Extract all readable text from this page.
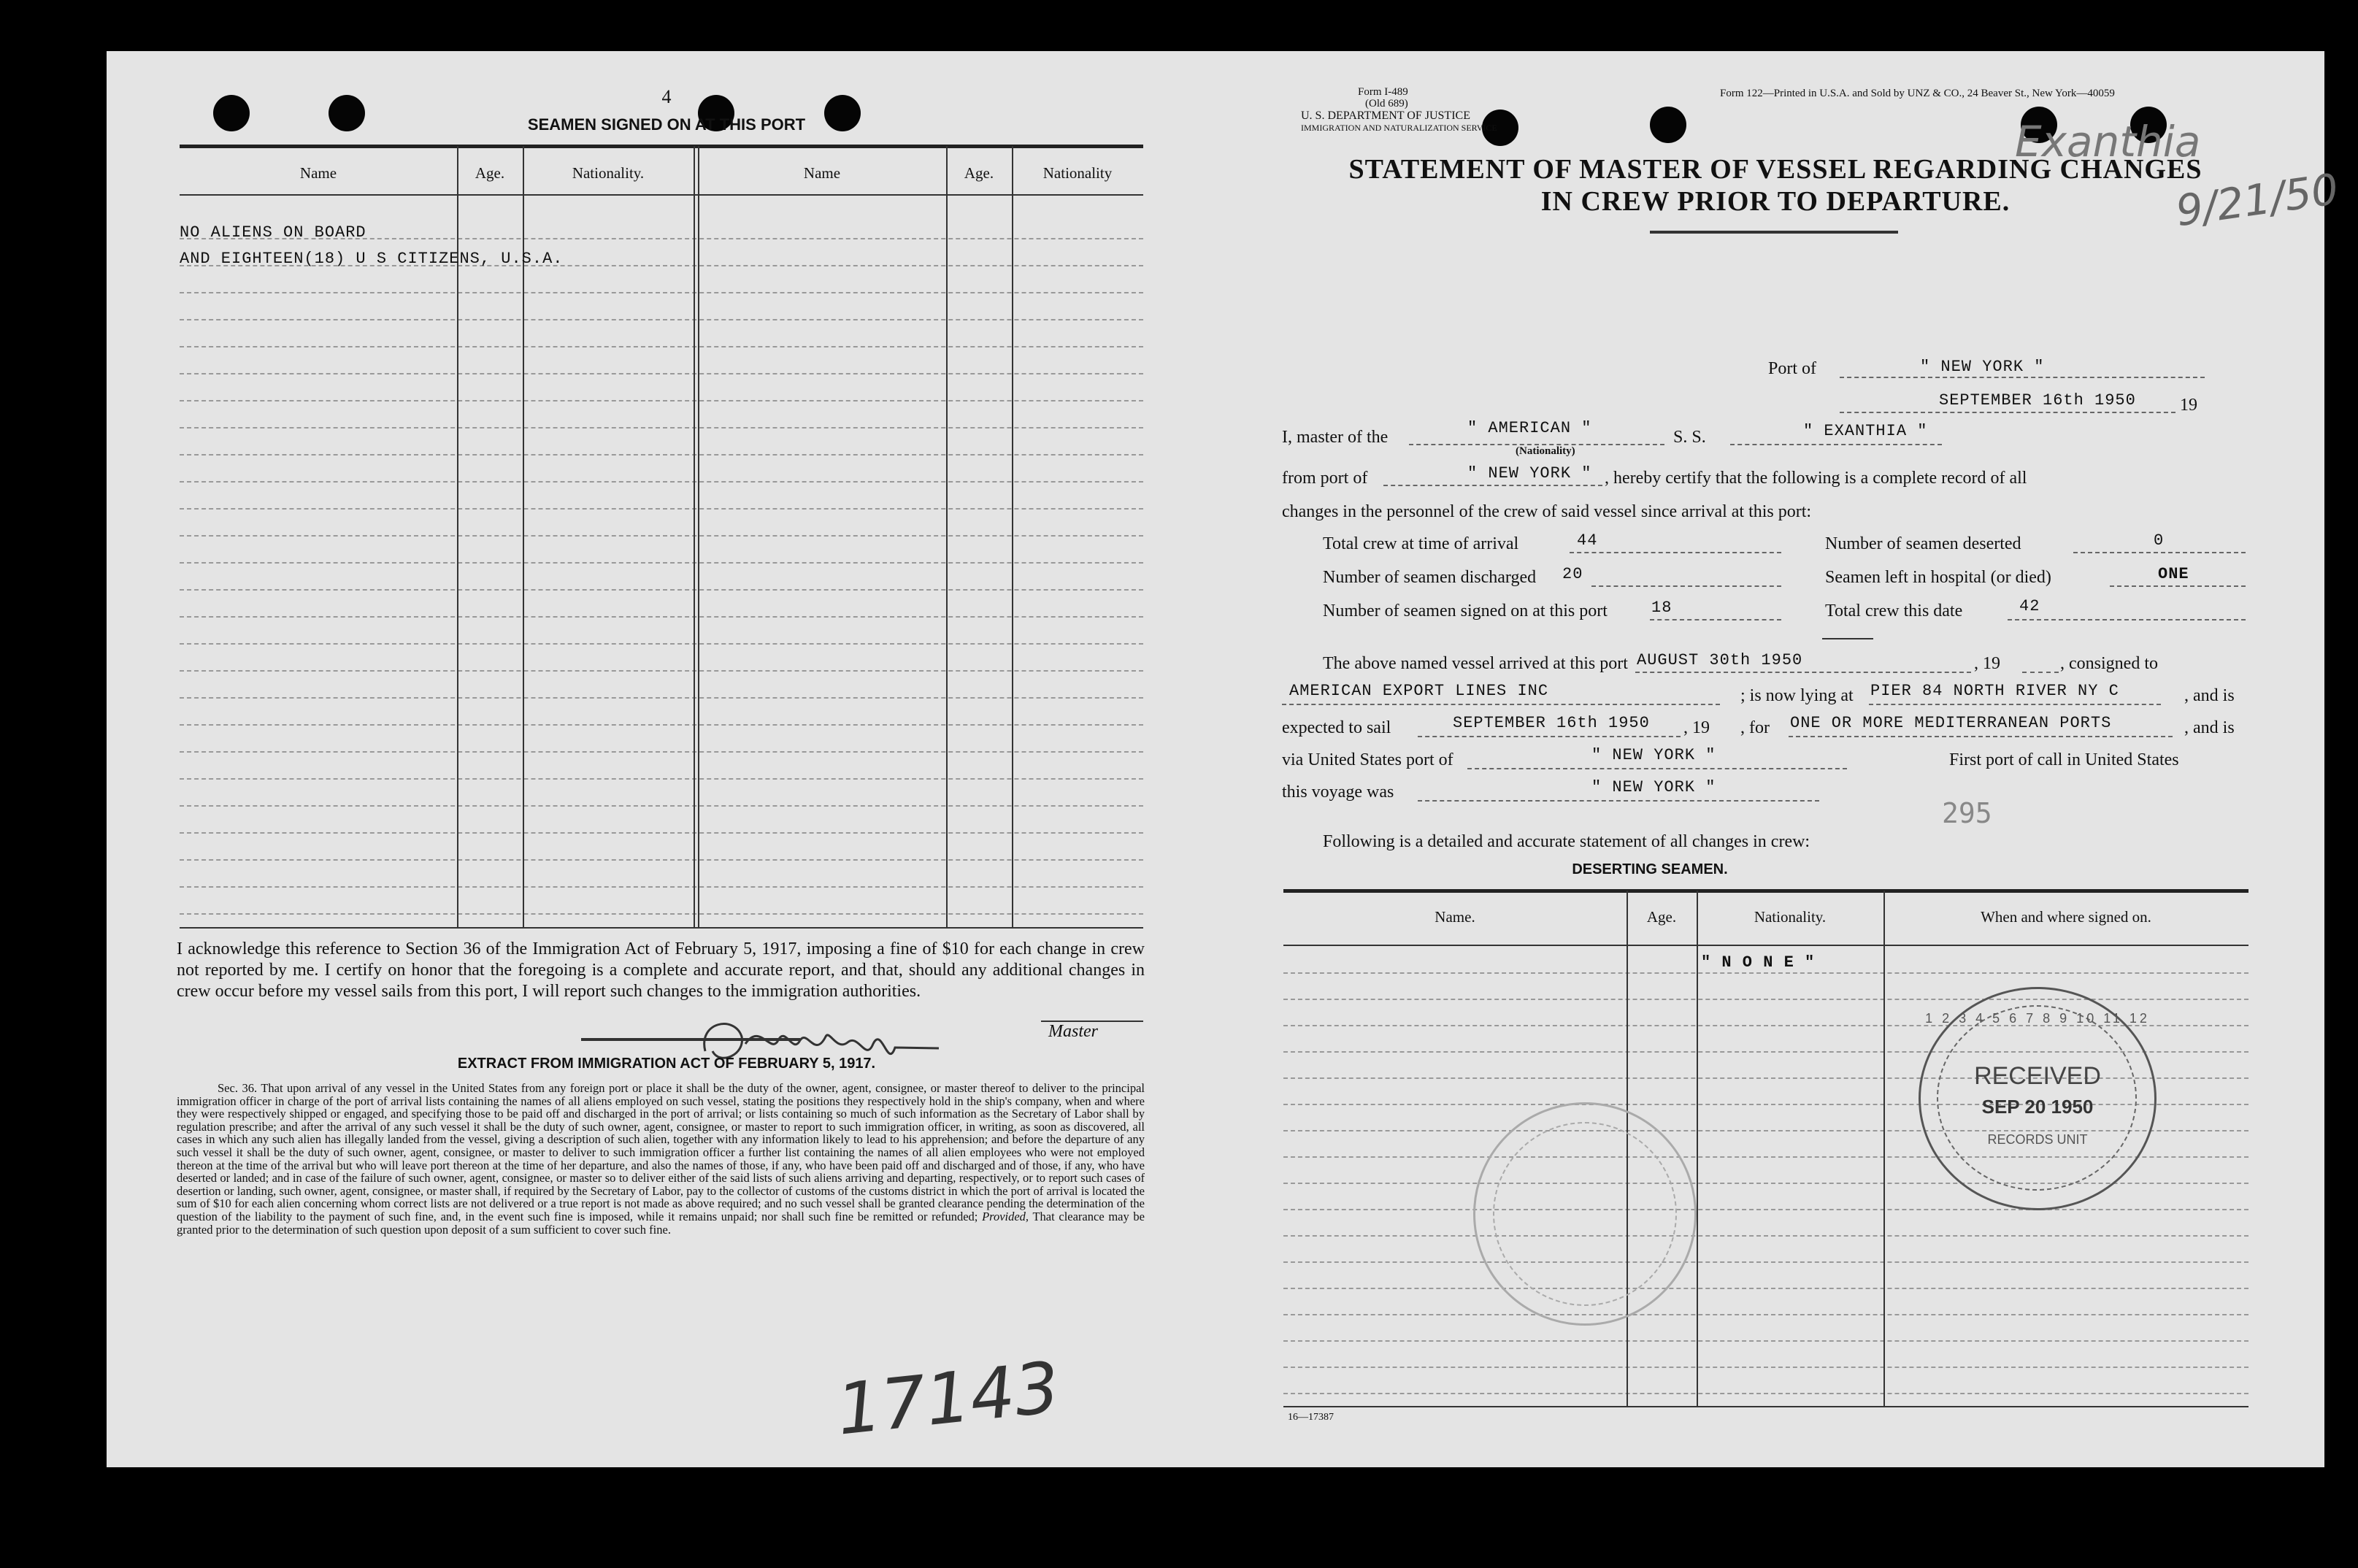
4
SEAMEN SIGNED ON AT THIS PORT
Name	Age.	Nationality.	Name	Age.	Nationality
NO ALIENS ON BOARD
AND EIGHTEEN(18) U S CITIZENS, U.S.A.
I acknowledge this reference to Section 36 of the Immigration Act of February 5, 1917, imposing a fine of $10 for each change in crew not reported by me. I certify on honor that the foregoing is a complete and accurate report, and that, should any additional changes in crew occur before my vessel sails from this port, I will report such changes to the immigration authorities.
Master
EXTRACT FROM IMMIGRATION ACT OF FEBRUARY 5, 1917.
Sec. 36. That upon arrival of any vessel in the United States from any foreign port or place it shall be the duty of the owner, agent, consignee, or master thereof to deliver to the principal immigration officer in charge of the port of arrival lists containing the names of all aliens employed on such vessel, stating the positions they respectively hold in the ship's company, when and where they were respectively shipped or engaged, and specifying those to be paid off and discharged in the port of arrival; or lists containing so much of such information as the Secretary of Labor shall by regulation prescribe; and after the arrival of any such vessel it shall be the duty of such owner, agent, consignee, or master to report to such immigration officer, in writing, as soon as discovered, all cases in which any such alien has illegally landed from the vessel, giving a description of such alien, together with any information likely to lead to his apprehension; and before the departure of any such vessel it shall be the duty of such owner, agent, consignee, or master to deliver to such immigration officer a further list containing the names of all alien employees who were not employed thereon at the time of the arrival but who will leave port thereon at the time of her departure, and also the names of those, if any, who have been paid off and discharged and of those, if any, who have deserted or landed; and in case of the failure of such owner, agent, consignee, or master so to deliver either of the said lists of such aliens arriving and departing, respectively, or to report such cases of desertion or landing, such owner, agent, consignee, or master shall, if required by the Secretary of Labor, pay to the collector of customs of the customs district in which the port of arrival is located the sum of $10 for each alien concerning whom correct lists are not delivered or a true report is not made as above required; and no such vessel shall be granted clearance pending the determination of the question of the liability to the payment of such fine, and, in the event such fine is imposed, while it remains unpaid; nor shall such fine be remitted or refunded; Provided, That clearance may be granted prior to the determination of such question upon deposit of a sum sufficient to cover such fine.
17143
Form I-489
(Old 689)
U. S. DEPARTMENT OF JUSTICE
IMMIGRATION AND NATURALIZATION SERVICE
Form 122—Printed in U.S.A. and Sold by UNZ & CO., 24 Beaver St., New York—40059
Exanthia
9/21/50
STATEMENT OF MASTER OF VESSEL REGARDING CHANGES
IN CREW PRIOR TO DEPARTURE.
Port of	" NEW YORK "
SEPTEMBER 16th 1950	19
I, master of the	" AMERICAN "
(Nationality)
S. S.	" EXANTHIA "
from port of	" NEW YORK " , hereby certify that the following is a complete record of all
changes in the personnel of the crew of said vessel since arrival at this port:
Total crew at time of arrival	44	Number of seamen deserted	0
Number of seamen discharged 20	Seamen left in hospital (or died)	ONE
Number of seamen signed on at this port	18	Total crew this date	42
The above named vessel arrived at this port AUGUST 30th 1950	, 19	, consigned to
AMERICAN EXPORT LINES INC	; is now lying at PIER 84 NORTH RIVER NY C	, and is
expected to sail	SEPTEMBER 16th 1950 , 19 , for ONE OR MORE MEDITERRANEAN PORTS	, and is
via United States port of	" NEW YORK "	First port of call in United States
this voyage was	" NEW YORK "
295
Following is a detailed and accurate statement of all changes in crew:
DESERTING SEAMEN.
Name.	Age.	Nationality.	When and where signed on.
" N O N E "
RECEIVED
SEP 20 1950
RECORDS UNIT
1 2 3 4 5 6 7 8 9 10 11 12
16—17387
